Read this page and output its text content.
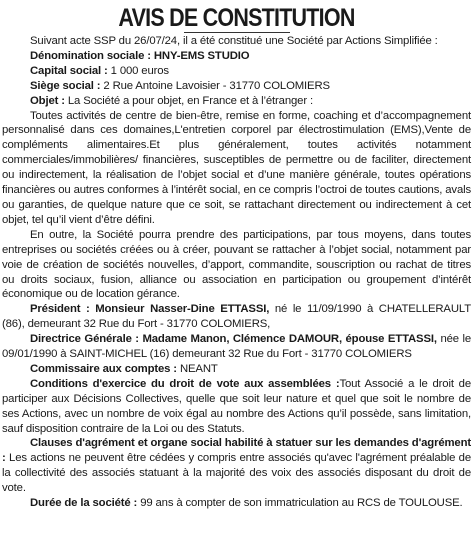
AVIS DE CONSTITUTION

Suivant acte SSP du 26/07/24, il a été constitué une Société par Actions Simplifiée :

Dénomination sociale : HNY-EMS STUDIO

Capital social : 1 000 euros

Siège social : 2 Rue Antoine Lavoisier - 31770 COLOMIERS

Objet : La Société a pour objet, en France et à l’étranger :

Toutes activités de centre de bien-être, remise en forme, coaching et d’accompagnement personnalisé dans ces domaines,L'entretien corporel par électrostimulation (EMS),Vente de compléments alimentaires.Et plus généralement, toutes activités notamment commerciales/immobilières/ financières, susceptibles de permettre ou de faciliter, directement ou indirectement, la réalisation de l’objet social et d’une manière générale, toutes opérations financières ou autres conformes à l’intérêt social, en ce compris l’octroi de toutes cautions, avals ou garanties, de quelque nature que ce soit, se rattachant directement ou indirectement à cet objet, tel qu’il vient d’être défini.

En outre, la Société pourra prendre des participations, par tous moyens, dans toutes entreprises ou sociétés créées ou à créer, pouvant se rattacher à l’objet social, notamment par voie de création de sociétés nouvelles, d’apport, commandite, souscription ou rachat de titres ou droits sociaux, fusion, alliance ou association en participation ou groupement d’intérêt économique ou de location gérance.

Président : Monsieur Nasser-Dine ETTASSI, né le 11/09/1990 à CHATELLERAULT (86), demeurant 32 Rue du Fort - 31770 COLOMIERS,

Directrice Générale : Madame Manon, Clémence DAMOUR, épouse ETTASSI, née le 09/01/1990 à SAINT-MICHEL (16) demeurant 32 Rue du Fort - 31770 COLOMIERS

Commissaire aux comptes : NEANT

Conditions d'exercice du droit de vote aux assemblées :Tout Associé a le droit de participer aux Décisions Collectives, quelle que soit leur nature et quel que soit le nombre de ses Actions, avec un nombre de voix égal au nombre des Actions qu’il possède, sans limitation, sauf disposition contraire de la Loi ou des Statuts.

Clauses d'agrément et organe social habilité à statuer sur les demandes d'agrément : Les actions ne peuvent être cédées y compris entre associés qu'avec l'agrément préalable de la collectivité des associés statuant à la majorité des voix des associés disposant du droit de vote.

Durée de la société : 99 ans à compter de son immatriculation au RCS de TOULOUSE.
